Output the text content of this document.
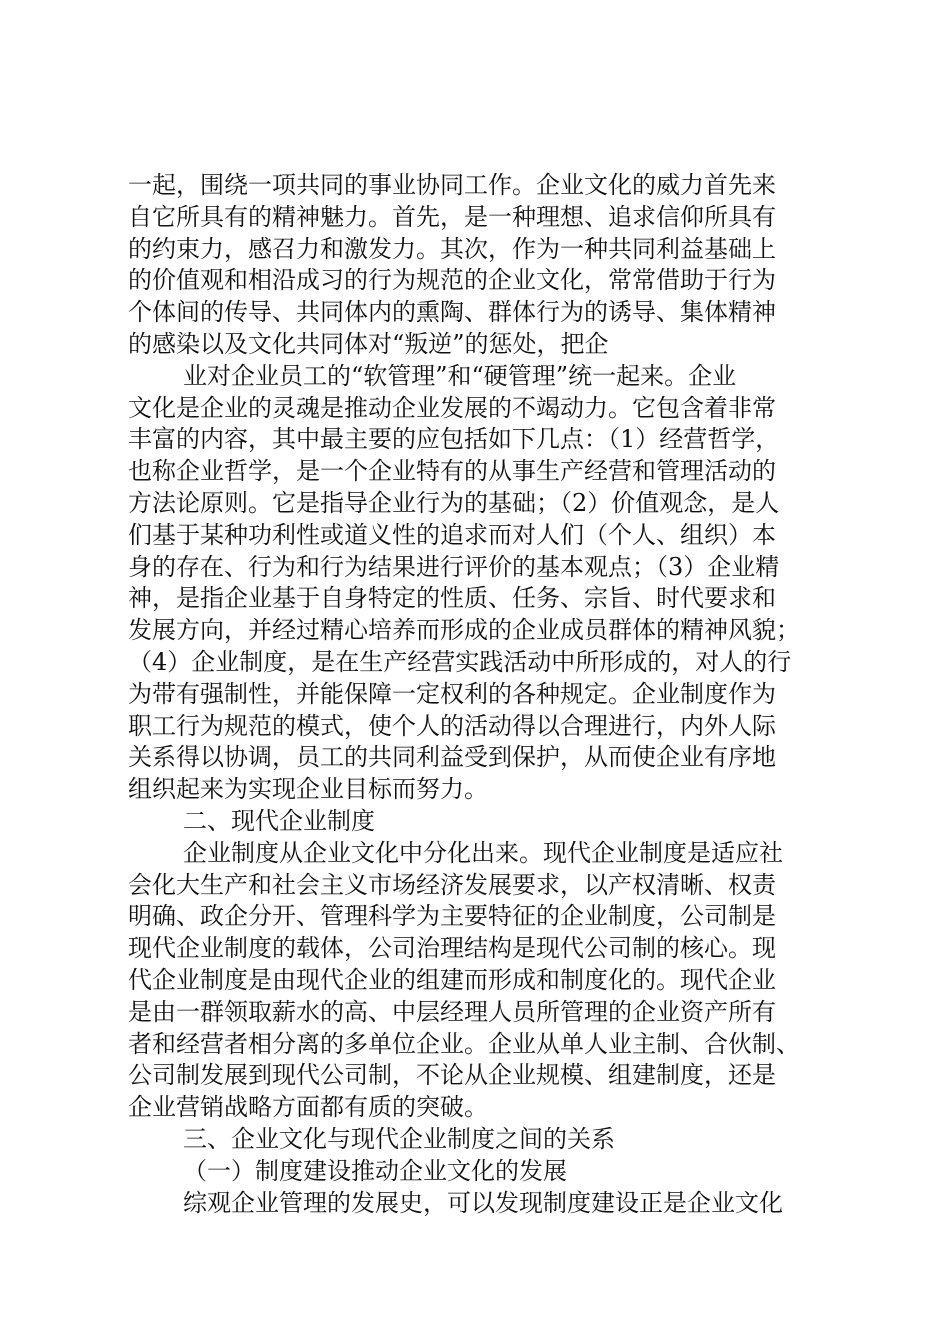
一起，围绕一项共同的事业协同工作。企业文化的威力首先来
自它所具有的精神魅力。首先，是一种理想、追求信仰所具有
的约束力，感召力和激发力。其次，作为一种共同利益基础上
的价值观和相沿成习的行为规范的企业文化，常常借助于行为
个体间的传导、共同体内的熏陶、群体行为的诱导、集体精神
的感染以及文化共同体对“叛逆”的惩处，把企
业对企业员工的“软管理”和“硬管理”统一起来。企业
文化是企业的灵魂是推动企业发展的不竭动力。它包含着非常
丰富的内容，其中最主要的应包括如下几点：（1）经营哲学，
也称企业哲学，是一个企业特有的从事生产经营和管理活动的
方法论原则。它是指导企业行为的基础；（2）价值观念，是人
们基于某种功利性或道义性的追求而对人们（个人、组织）本
身的存在、行为和行为结果进行评价的基本观点；（3）企业精
神，是指企业基于自身特定的性质、任务、宗旨、时代要求和
发展方向，并经过精心培养而形成的企业成员群体的精神风貌；
（4）企业制度，是在生产经营实践活动中所形成的，对人的行
为带有强制性，并能保障一定权利的各种规定。企业制度作为
职工行为规范的模式，使个人的活动得以合理进行，内外人际
关系得以协调，员工的共同利益受到保护，从而使企业有序地
组织起来为实现企业目标而努力。
二、现代企业制度
企业制度从企业文化中分化出来。现代企业制度是适应社
会化大生产和社会主义市场经济发展要求，以产权清晰、权责
明确、政企分开、管理科学为主要特征的企业制度，公司制是
现代企业制度的载体，公司治理结构是现代公司制的核心。现
代企业制度是由现代企业的组建而形成和制度化的。现代企业
是由一群领取薪水的高、中层经理人员所管理的企业资产所有
者和经营者相分离的多单位企业。企业从单人业主制、合伙制、
公司制发展到现代公司制，不论从企业规模、组建制度，还是
企业营销战略方面都有质的突破。
三、企业文化与现代企业制度之间的关系
（一）制度建设推动企业文化的发展
综观企业管理的发展史，可以发现制度建设正是企业文化
